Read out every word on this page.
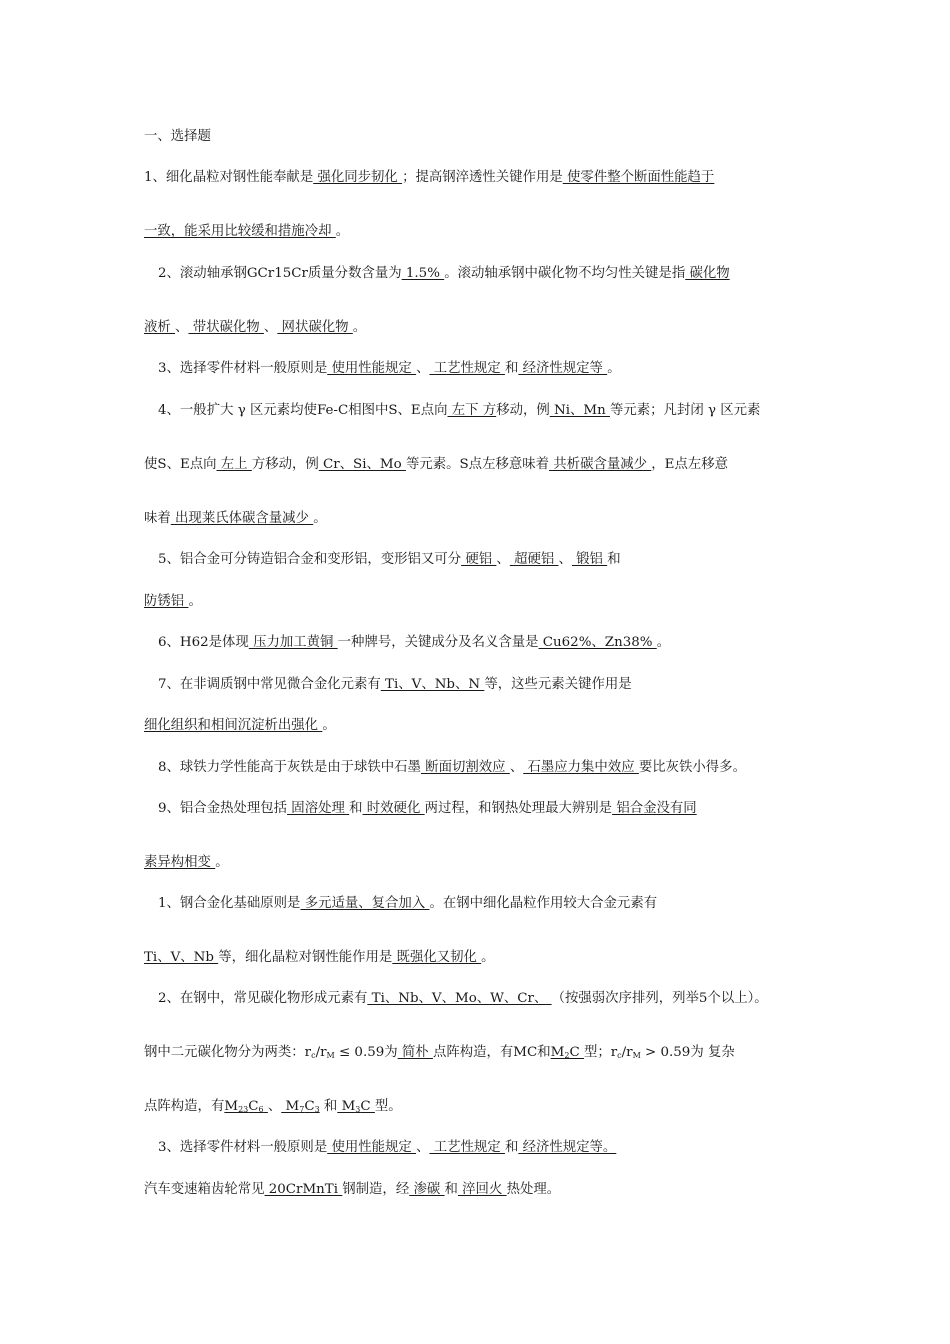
一、选择题
1、细化晶粒对钢性能奉献是 强化同步韧化 ；提高钢淬透性关键作用是 使零件整个断面性能趋于
一致，能采用比较缓和措施冷却 。
2、滚动轴承钢GCr15Cr质量分数含量为 1.5% 。滚动轴承钢中碳化物不均匀性关键是指 碳化物
液析 、 带状碳化物 、 网状碳化物 。
3、选择零件材料一般原则是 使用性能规定 、 工艺性规定 和 经济性规定等 。
4、一般扩大 γ 区元素均使Fe-C相图中S、E点向 左下 方移动，例 Ni、Mn 等元素；凡封闭 γ 区元素
使S、E点向 左上 方移动，例 Cr、Si、Mo 等元素。S点左移意味着 共析碳含量减少 ，E点左移意
味着 出现莱氏体碳含量减少 。
5、铝合金可分铸造铝合金和变形铝，变形铝又可分 硬铝 、 超硬铝 、 锻铝 和
防锈铝 。
6、H62是体现 压力加工黄铜 一种牌号，关键成分及名义含量是 Cu62%、Zn38% 。
7、在非调质钢中常见微合金化元素有 Ti、V、Nb、N 等，这些元素关键作用是
细化组织和相间沉淀析出强化 。
8、球铁力学性能高于灰铁是由于球铁中石墨 断面切割效应 、 石墨应力集中效应 要比灰铁小得多。
9、铝合金热处理包括 固溶处理 和 时效硬化 两过程，和钢热处理最大辨别是 铝合金没有同
素异构相变 。
1、钢合金化基础原则是 多元适量、复合加入 。在钢中细化晶粒作用较大合金元素有
Ti、V、Nb 等，细化晶粒对钢性能作用是 既强化又韧化 。
2、在钢中，常见碳化物形成元素有 Ti、Nb、V、Mo、W、Cr、 （按强弱次序排列，列举5个以上）。
钢中二元碳化物分为两类：$r_c/r_M \le 0.59$为 简朴 点阵构造，有MC和$M_2C$ 型；$r_c/r_M > 0.59$为 复杂
点阵构造，有$M_{23}C_6$ 、 $M_7C_3$ 和 $M_3C$ 型。
3、选择零件材料一般原则是 使用性能规定 、 工艺性规定 和 经济性规定等。
汽车变速箱齿轮常见 20CrMnTi 钢制造，经 渗碳 和 淬回火 热处理。
